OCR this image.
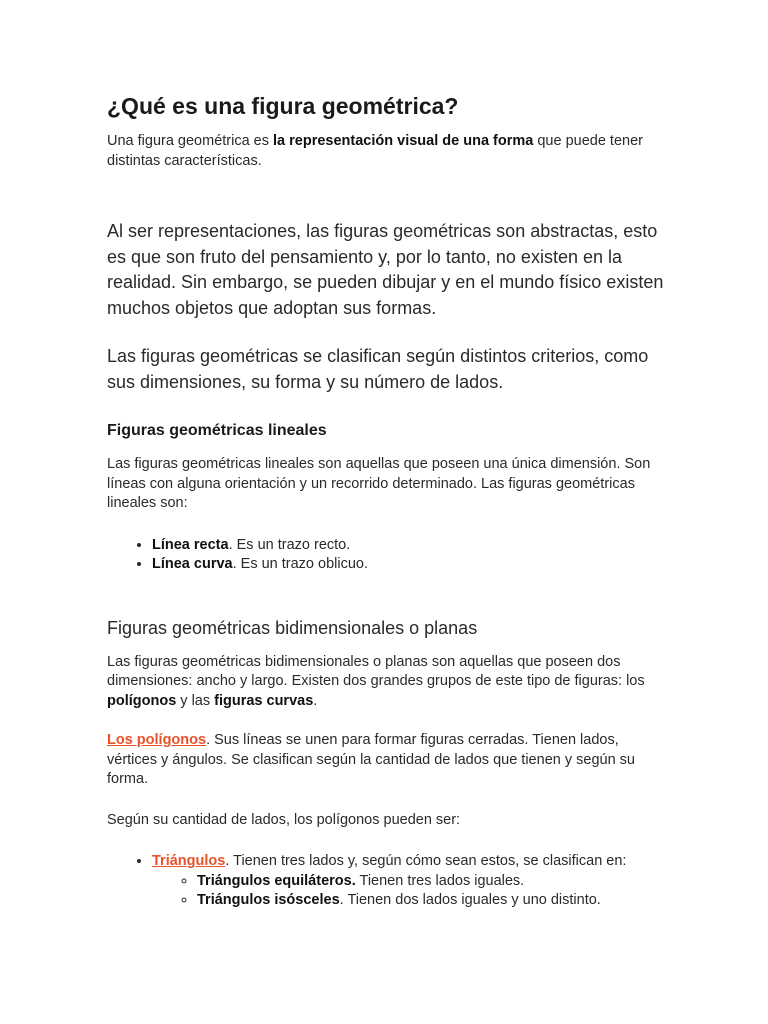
¿Qué es una figura geométrica?

Una figura geométrica es la representación visual de una forma que puede tener distintas características.

Al ser representaciones, las figuras geométricas son abstractas, esto es que son fruto del pensamiento y, por lo tanto, no existen en la realidad. Sin embargo, se pueden dibujar y en el mundo físico existen muchos objetos que adoptan sus formas.

Las figuras geométricas se clasifican según distintos criterios, como sus dimensiones, su forma y su número de lados.

Figuras geométricas lineales

Las figuras geométricas lineales son aquellas que poseen una única dimensión. Son líneas con alguna orientación y un recorrido determinado. Las figuras geométricas lineales son:

• Línea recta. Es un trazo recto.
• Línea curva. Es un trazo oblicuo.
Figuras geométricas bidimensionales o planas

Las figuras geométricas bidimensionales o planas son aquellas que poseen dos dimensiones: ancho y largo. Existen dos grandes grupos de este tipo de figuras: los polígonos y las figuras curvas.

Los polígonos. Sus líneas se unen para formar figuras cerradas. Tienen lados, vértices y ángulos. Se clasifican según la cantidad de lados que tienen y según su forma.

Según su cantidad de lados, los polígonos pueden ser:

• Triángulos. Tienen tres lados y, según cómo sean estos, se clasifican en:
◦ Triángulos equiláteros. Tienen tres lados iguales.
◦ Triángulos isósceles. Tienen dos lados iguales y uno distinto.
